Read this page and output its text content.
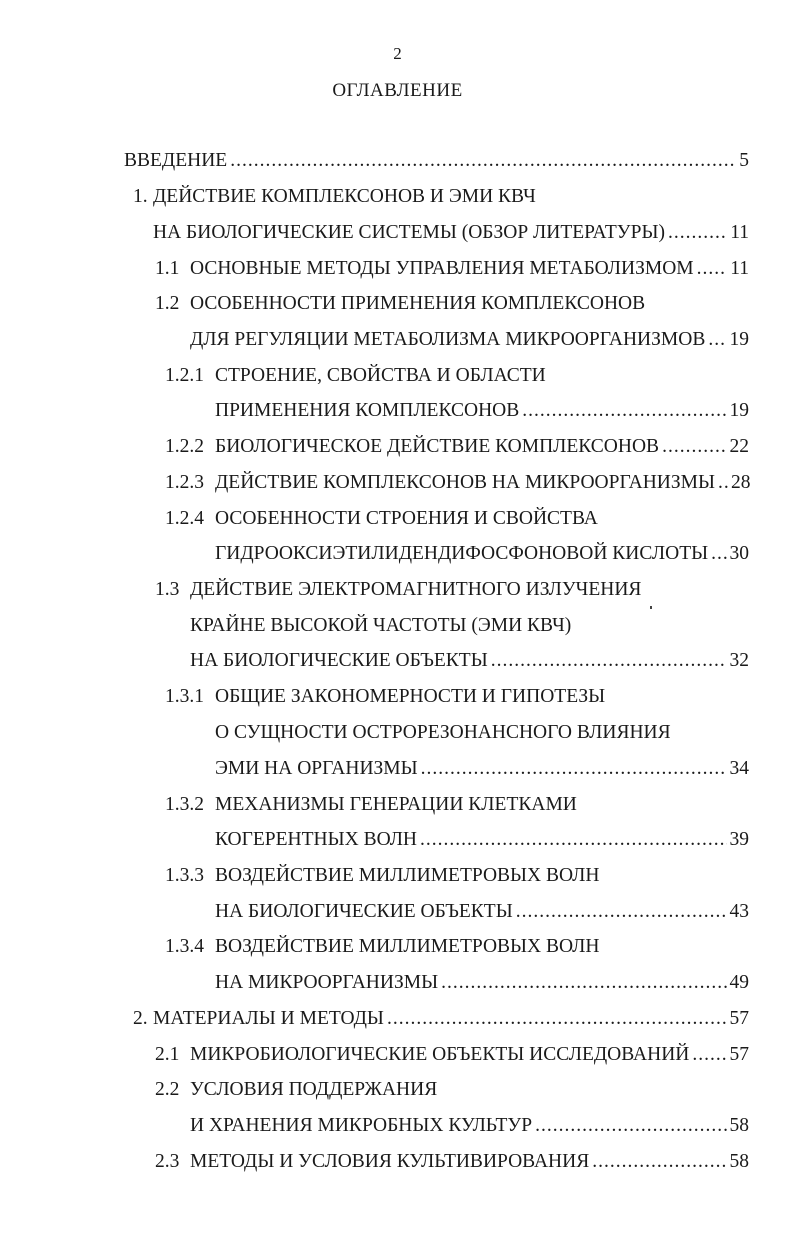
2
ОГЛАВЛЕНИЕ
ВВЕДЕНИЕ .....	5
1. ДЕЙСТВИЕ КОМПЛЕКСОНОВ И ЭМИ КВЧ
НА БИОЛОГИЧЕСКИЕ СИСТЕМЫ (ОБЗОР ЛИТЕРАТУРЫ) .....	11
1.1 ОСНОВНЫЕ МЕТОДЫ УПРАВЛЕНИЯ МЕТАБОЛИЗМОМ ..... 11
1.2 ОСОБЕННОСТИ ПРИМЕНЕНИЯ КОМПЛЕКСОНОВ
ДЛЯ РЕГУЛЯЦИИ МЕТАБОЛИЗМА МИКРООРГАНИЗМОВ ..... 19
1.2.1 СТРОЕНИЕ, СВОЙСТВА И ОБЛАСТИ
ПРИМЕНЕНИЯ КОМПЛЕКСОНОВ .....	19
1.2.2 БИОЛОГИЧЕСКОЕ ДЕЙСТВИЕ КОМПЛЕКСОНОВ .....	22
1.2.3 ДЕЙСТВИЕ КОМПЛЕКСОНОВ НА МИКРООРГАНИЗМЫ ..... 28
1.2.4 ОСОБЕННОСТИ СТРОЕНИЯ И СВОЙСТВА
ГИДРООКСИЭТИЛИДЕНДИФОСФОНОВОЙ КИСЛОТЫ ..... 30
1.3 ДЕЙСТВИЕ ЭЛЕКТРОМАГНИТНОГО ИЗЛУЧЕНИЯ
КРАЙНЕ ВЫСОКОЙ ЧАСТОТЫ (ЭМИ КВЧ)
НА БИОЛОГИЧЕСКИЕ ОБЪЕКТЫ .....	32
1.3.1 ОБЩИЕ ЗАКОНОМЕРНОСТИ И ГИПОТЕЗЫ
О СУЩНОСТИ ОСТРОРЕЗОНАНСНОГО ВЛИЯНИЯ
ЭМИ НА ОРГАНИЗМЫ .....	34
1.3.2 МЕХАНИЗМЫ ГЕНЕРАЦИИ КЛЕТКАМИ
КОГЕРЕНТНЫХ ВОЛН .....	39
1.3.3 ВОЗДЕЙСТВИЕ МИЛЛИМЕТРОВЫХ ВОЛН
НА БИОЛОГИЧЕСКИЕ ОБЪЕКТЫ .....	43
1.3.4 ВОЗДЕЙСТВИЕ МИЛЛИМЕТРОВЫХ ВОЛН
НА МИКРООРГАНИЗМЫ .....	49
2. МАТЕРИАЛЫ И МЕТОДЫ .....	57
2.1 МИКРОБИОЛОГИЧЕСКИЕ ОБЪЕКТЫ ИССЛЕДОВАНИЙ ..... 57
2.2 УСЛОВИЯ ПОДДЕРЖАНИЯ
И ХРАНЕНИЯ МИКРОБНЫХ КУЛЬТУР .....	58
2.3 МЕТОДЫ И УСЛОВИЯ КУЛЬТИВИРОВАНИЯ .....	58
